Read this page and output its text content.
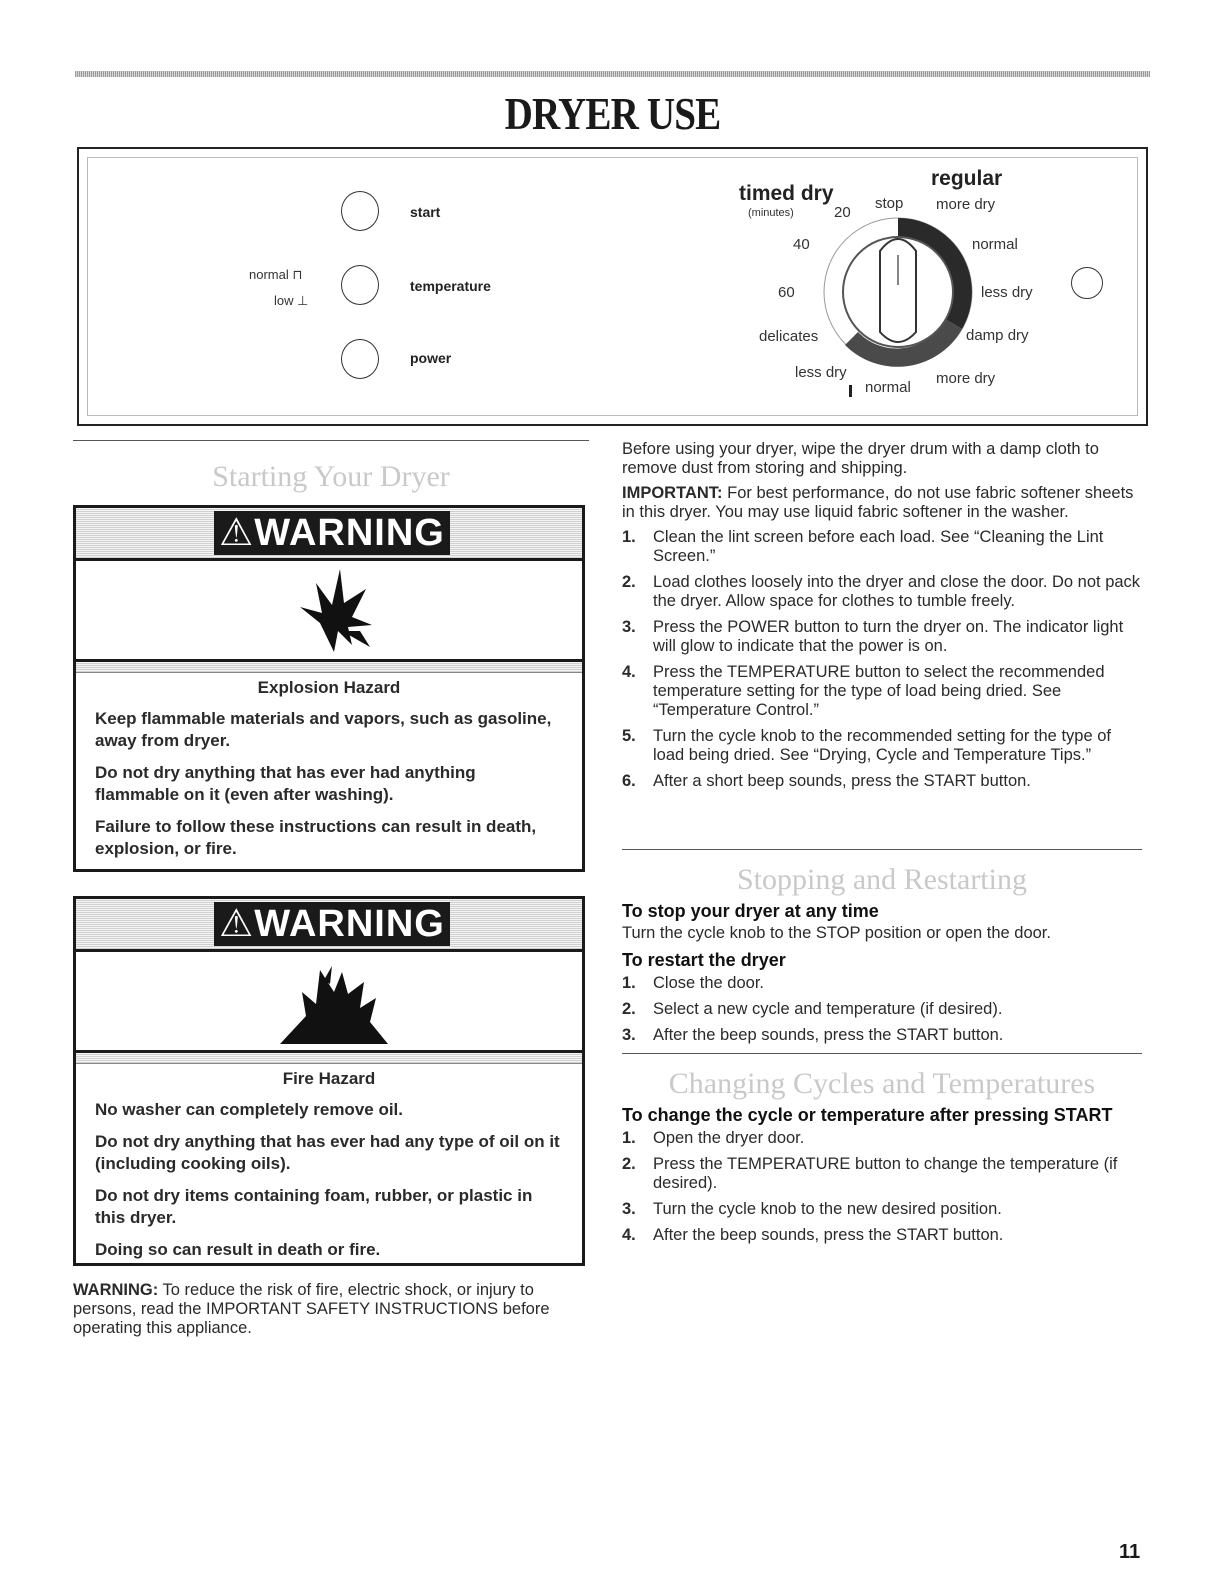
DRYER USE
start
normal ⊓
low ⊥
temperature
power
timed dry
(minutes)
regular
20
stop more dry
40	normal
60	less dry
delicates	damp dry
less dry	more dry
normal
Starting Your Dryer
⚠WARNING
Explosion Hazard

Keep flammable materials and vapors, such as gasoline, away from dryer.

Do not dry anything that has ever had anything flammable on it (even after washing).

Failure to follow these instructions can result in death, explosion, or fire.

⚠WARNING
Fire Hazard

No washer can completely remove oil.

Do not dry anything that has ever had any type of oil on it (including cooking oils).

Do not dry items containing foam, rubber, or plastic in this dryer.

Doing so can result in death or fire.

WARNING: To reduce the risk of fire, electric shock, or injury to persons, read the IMPORTANT SAFETY INSTRUCTIONS before operating this appliance.

Before using your dryer, wipe the dryer drum with a damp cloth to remove dust from storing and shipping.

IMPORTANT: For best performance, do not use fabric softener sheets in this dryer. You may use liquid fabric softener in the washer.

1. Clean the lint screen before each load. See “Cleaning the Lint Screen.”
2. Load clothes loosely into the dryer and close the door. Do not pack the dryer. Allow space for clothes to tumble freely.
3. Press the POWER button to turn the dryer on. The indicator light will glow to indicate that the power is on.
4. Press the TEMPERATURE button to select the recommended temperature setting for the type of load being dried. See “Temperature Control.”
5. Turn the cycle knob to the recommended setting for the type of load being dried. See “Drying, Cycle and Temperature Tips.”
6. After a short beep sounds, press the START button.
Stopping and Restarting
To stop your dryer at any time
Turn the cycle knob to the STOP position or open the door.
To restart the dryer
1. Close the door.
2. Select a new cycle and temperature (if desired).
3. After the beep sounds, press the START button.
Changing Cycles and Temperatures
To change the cycle or temperature after pressing START
1. Open the dryer door.
2. Press the TEMPERATURE button to change the temperature (if desired).
3. Turn the cycle knob to the new desired position.
4. After the beep sounds, press the START button.
11
